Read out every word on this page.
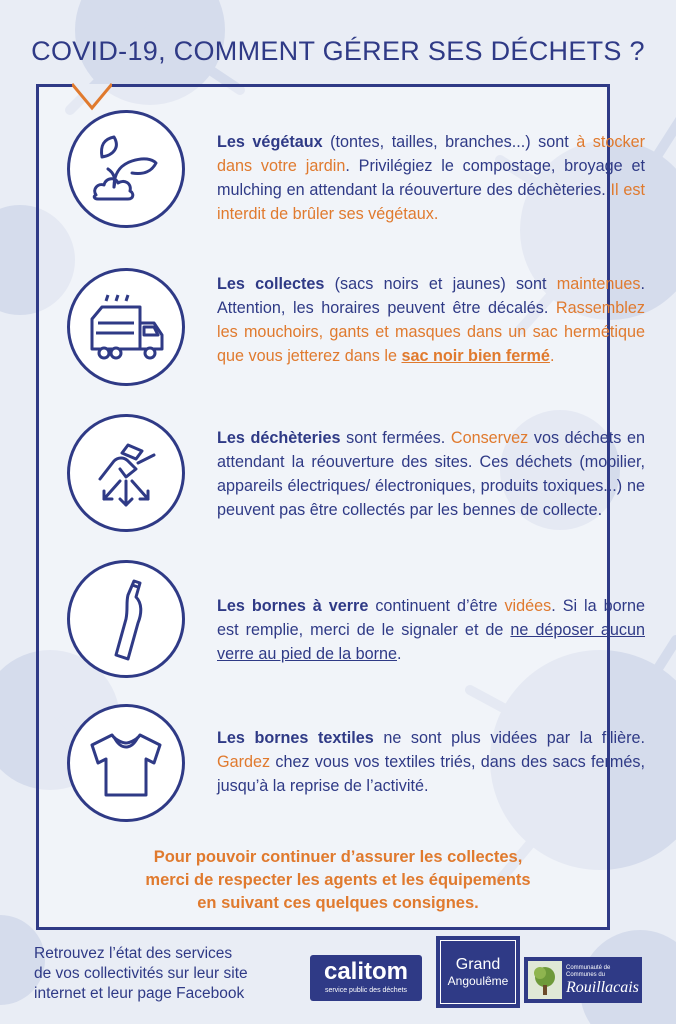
COVID-19, COMMENT GÉRER SES DÉCHETS ?
Les végétaux (tontes, tailles, branches...) sont à stocker dans votre jardin. Privilégiez le compostage, broyage et mulching en attendant la réouverture des déchèteries. Il est interdit de brûler ses végétaux.
Les collectes (sacs noirs et jaunes) sont maintenues. Attention, les horaires peuvent être décalés. Rassemblez les mouchoirs, gants et masques dans un sac hermétique que vous jetterez dans le sac noir bien fermé.
Les déchèteries sont fermées. Conservez vos déchets en attendant la réouverture des sites. Ces déchets (mobilier, appareils électriques/ électroniques, produits toxiques...) ne peuvent pas être collectés par les bennes de collecte.
Les bornes à verre continuent d’être vidées. Si la borne est remplie, merci de le signaler et de ne déposer aucun verre au pied de la borne.
Les bornes textiles ne sont plus vidées par la filière. Gardez chez vous vos textiles triés, dans des sacs fermés, jusqu’à la reprise de l’activité.
Pour pouvoir continuer d’assurer les collectes,
merci de respecter les agents et les équipements
en suivant ces quelques consignes.
Retrouvez l’état des services
de vos collectivités sur leur site
internet et leur page Facebook
calitom
service public des déchets
Grand
Angoulême
Communauté de Communes du
Rouillacais
